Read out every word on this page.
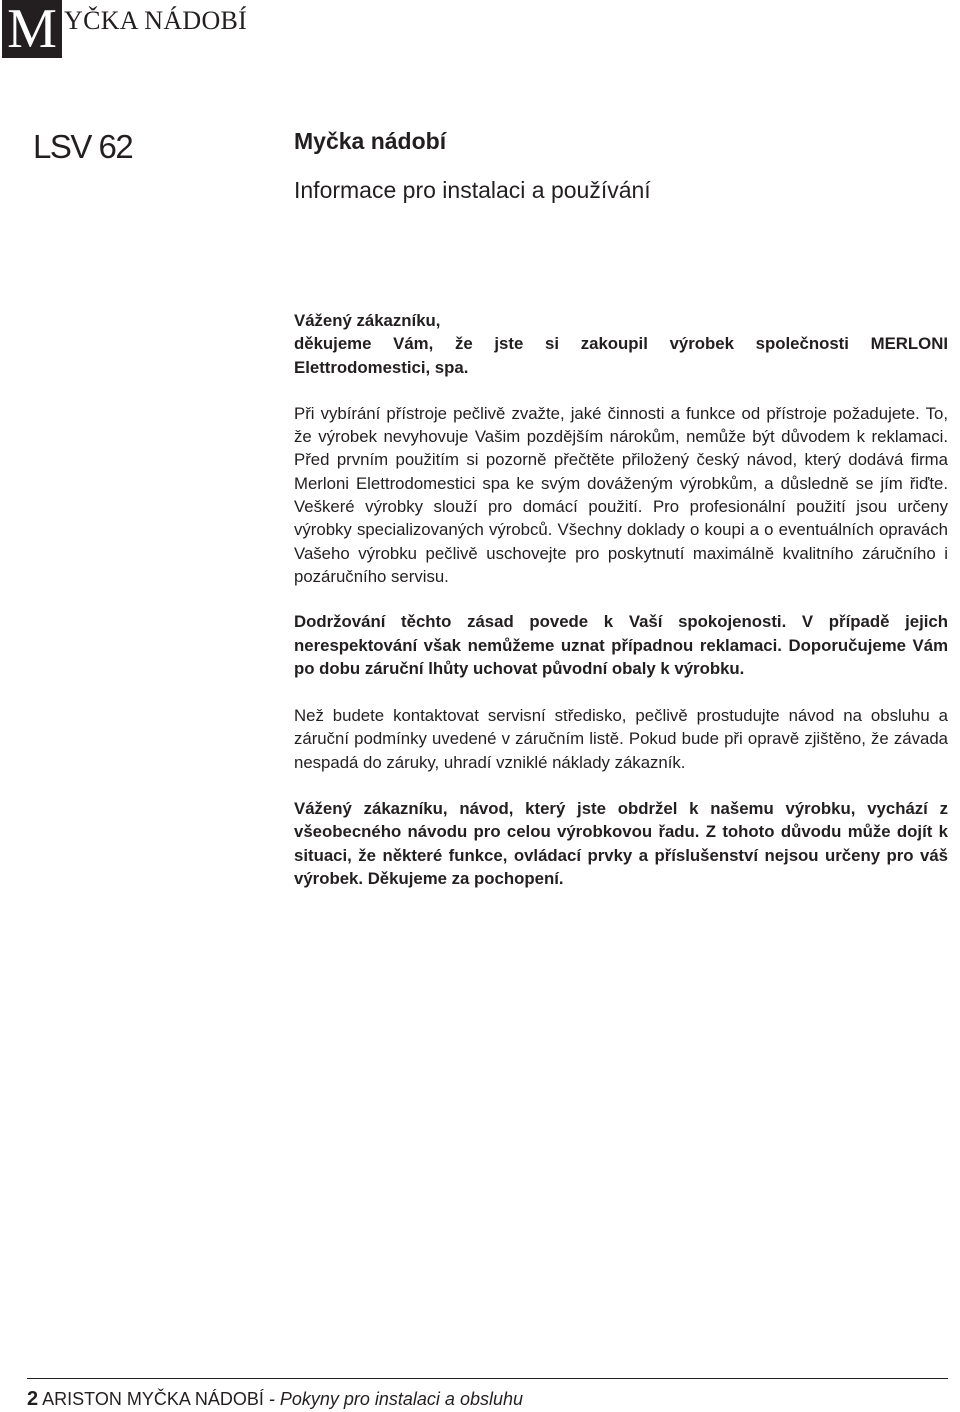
M YČKA NÁDOBÍ
LSV 62	Myčka nádobí
Informace pro instalaci a používání

Vážený zákazníku,

děkujeme Vám, že jste si zakoupil výrobek společnosti MERLONI Elettrodomestici, spa.

Při vybírání přístroje pečlivě zvažte, jaké činnosti a funkce od přístroje požadujete. To, že výrobek nevyhovuje Vašim pozdějším nárokům, nemůže být důvodem k reklamaci. Před prvním použitím si pozorně přečtěte přiložený český návod, který dodává firma Merloni Elettrodomestici spa ke svým dováženým výrobkům, a důsledně se jím řiďte. Veškeré výrobky slouží pro domácí použití. Pro profesionální použití jsou určeny výrobky specializovaných výrobců. Všechny doklady o koupi a o eventuálních opravách Vašeho výrobku pečlivě uschovejte pro poskytnutí maximálně kvalitního záručního i pozáručního servisu.

Dodržování těchto zásad povede k Vaší spokojenosti. V případě jejich nerespektování však nemůžeme uznat případnou reklamaci. Doporučujeme Vám po dobu záruční lhůty uchovat původní obaly k výrobku.

Než budete kontaktovat servisní středisko, pečlivě prostudujte návod na obsluhu a záruční podmínky uvedené v záručním listě. Pokud bude při opravě zjištěno, že závada nespadá do záruky, uhradí vzniklé náklady zákazník.

Vážený zákazníku, návod, který jste obdržel k našemu výrobku, vychází z všeobecného návodu pro celou výrobkovou řadu. Z tohoto důvodu může dojít k situaci, že některé funkce, ovládací prvky a příslušenství nejsou určeny pro váš výrobek. Děkujeme za pochopení.

2 ARISTON MYČKA NÁDOBÍ - Pokyny pro instalaci a obsluhu
